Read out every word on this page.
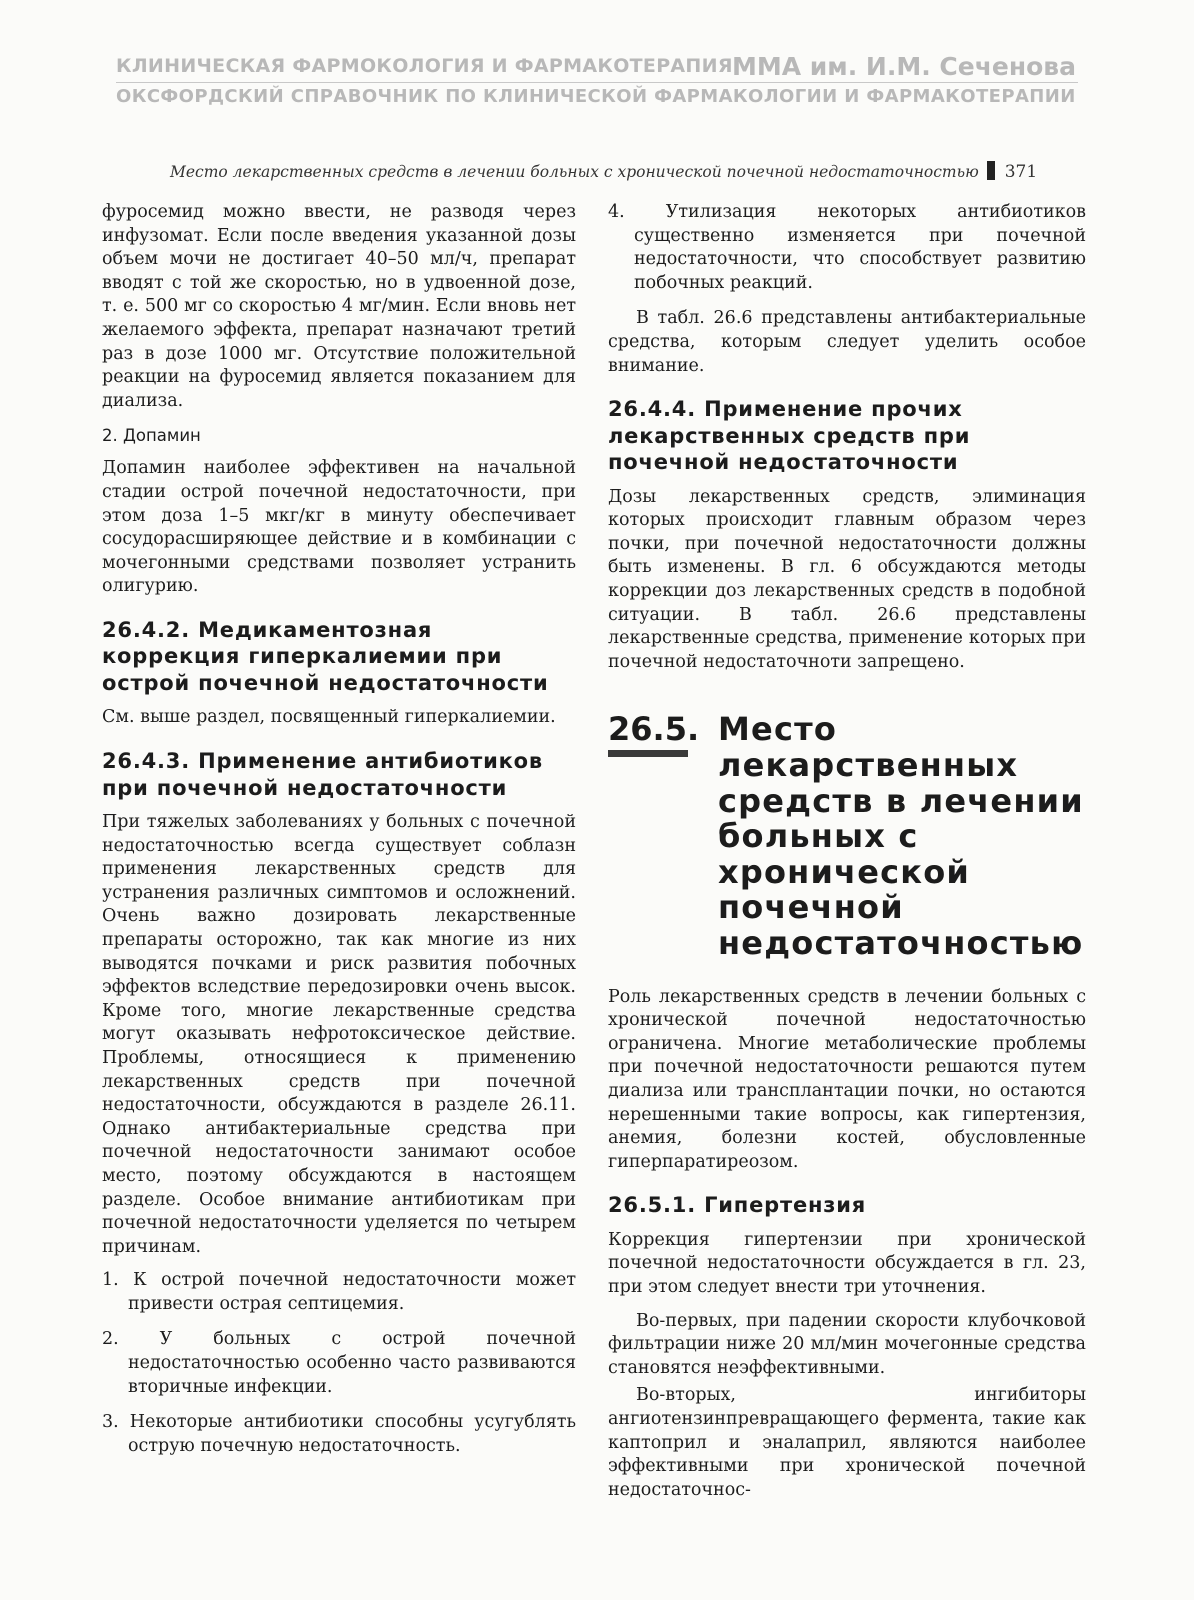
КЛИНИЧЕСКАЯ ФАРМОКОЛОГИЯ И ФАРМАКОТЕРАПИЯ ММА им. И.М. Сеченова
ОКСФОРДСКИЙ СПРАВОЧНИК ПО КЛИНИЧЕСКОЙ ФАРМАКОЛОГИИ И ФАРМАКОТЕРАПИИ
Место лекарственных средств в лечении больных с хронической почечной недостаточностью 371

фуросемид можно ввести, не разводя через инфузомат. Если после введения указанной дозы объем мочи не достигает 40–50 мл/ч, препарат вводят с той же скоростью, но в удвоенной дозе, т. е. 500 мг со скоростью 4 мг/мин. Если вновь нет желаемого эффекта, препарат назначают третий раз в дозе 1000 мг. Отсутствие положительной реакции на фуросемид является показанием для диализа.

2. Допамин

Допамин наиболее эффективен на начальной стадии острой почечной недостаточности, при этом доза 1–5 мкг/кг в минуту обеспечивает сосудорасширяющее действие и в комбинации с мочегонными средствами позволяет устранить олигурию.

26.4.2. Медикаментозная коррекция гиперкалиемии при острой почечной недостаточности

См. выше раздел, посвященный гиперкалиемии.

26.4.3. Применение антибиотиков при почечной недостаточности

При тяжелых заболеваниях у больных с почечной недостаточностью всегда существует соблазн применения лекарственных средств для устранения различных симптомов и осложнений. Очень важно дозировать лекарственные препараты осторожно, так как многие из них выводятся почками и риск развития побочных эффектов вследствие передозировки очень высок. Кроме того, многие лекарственные средства могут оказывать нефротоксическое действие. Проблемы, относящиеся к применению лекарственных средств при почечной недостаточности, обсуждаются в разделе 26.11. Однако антибактериальные средства при почечной недостаточности занимают особое место, поэтому обсуждаются в настоящем разделе. Особое внимание антибиотикам при почечной недостаточности уделяется по четырем причинам.

1. К острой почечной недостаточности может привести острая септицемия.
2. У больных с острой почечной недостаточностью особенно часто развиваются вторичные инфекции.
3. Некоторые антибиотики способны усугублять острую почечную недостаточность.
4. Утилизация некоторых антибиотиков существенно изменяется при почечной недостаточности, что способствует развитию побочных реакций.

В табл. 26.6 представлены антибактериальные средства, которым следует уделить особое внимание.

26.4.4. Применение прочих лекарственных средств при почечной недостаточности

Дозы лекарственных средств, элиминация которых происходит главным образом через почки, при почечной недостаточности должны быть изменены. В гл. 6 обсуждаются методы коррекции доз лекарственных средств в подобной ситуации. В табл. 26.6 представлены лекарственные средства, применение которых при почечной недостаточноти запрещено.

26.5. Место лекарственных средств в лечении больных с хронической почечной недостаточностью

Роль лекарственных средств в лечении больных с хронической почечной недостаточностью ограничена. Многие метаболические проблемы при почечной недостаточности решаются путем диализа или трансплантации почки, но остаются нерешенными такие вопросы, как гипертензия, анемия, болезни костей, обусловленные гиперпаратиреозом.

26.5.1. Гипертензия

Коррекция гипертензии при хронической почечной недостаточности обсуждается в гл. 23, при этом следует внести три уточнения.

Во-первых, при падении скорости клубочковой фильтрации ниже 20 мл/мин мочегонные средства становятся неэффективными.

Во-вторых, ингибиторы ангиотензинпревращающего фермента, такие как каптоприл и эналаприл, являются наиболее эффективными при хронической почечной недостаточнос-
